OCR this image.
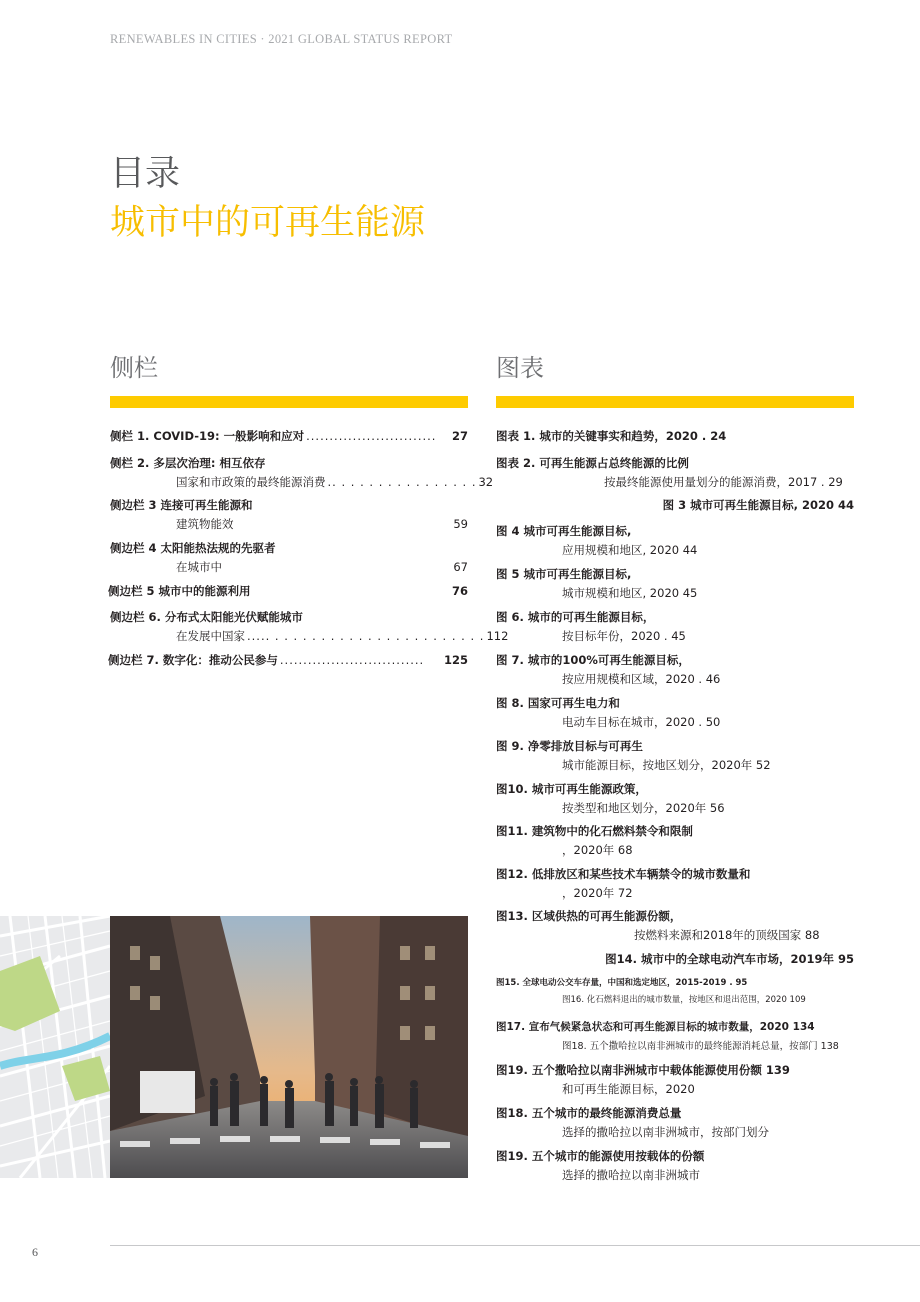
RENEWABLES IN CITIES · 2021 GLOBAL STATUS REPORT
目录
城市中的可再生能源
侧栏
侧栏 1. COVID-19: 一般影响和应对 ............................	27
侧栏 2. 多层次治理: 相互依存
国家和市政策的最终能源消费 .. . . . . . . . . . . . . . . . 32
侧边栏 3 连接可再生能源和
建筑物能效	59
侧边栏 4 太阳能热法规的先驱者
在城市中	67
侧边栏 5 城市中的能源利用	76
侧边栏 6. 分布式太阳能光伏赋能城市
在发展中国家 ..... . . . . . . . . . . . . . . . . . . . . . . . 112
侧边栏 7. 数字化：推动公民参与 ...............................	125
图表
图表 1. 城市的关键事实和趋势，2020 . 24
图表 2. 可再生能源占总终能源的比例
按最终能源使用量划分的能源消费，2017 . 29
图 3 城市可再生能源目标, 2020 44
图 4 城市可再生能源目标,
应用规模和地区, 2020 44
图 5 城市可再生能源目标,
城市规模和地区, 2020 45
图 6. 城市的可再生能源目标，
按目标年份，2020 . 45
图 7. 城市的100%可再生能源目标，
按应用规模和区域，2020 . 46
图 8. 国家可再生电力和
电动车目标在城市，2020 . 50
图 9. 净零排放目标与可再生
城市能源目标，按地区划分，2020年 52
图10. 城市可再生能源政策，
按类型和地区划分，2020年 56
图11. 建筑物中的化石燃料禁令和限制
，2020年 68
图12. 低排放区和某些技术车辆禁令的城市数量和
，2020年 72
图13. 区域供热的可再生能源份额，
按燃料来源和2018年的顶级国家 88
图14. 城市中的全球电动汽车市场，2019年 95
图15. 全球电动公交车存量，中国和选定地区，2015-2019 . 95
图16. 化石燃料退出的城市数量，按地区和退出范围，2020 109
图17. 宣布气候紧急状态和可再生能源目标的城市数量，2020 134
图18. 五个撒哈拉以南非洲城市的最终能源消耗总量，按部门 138
图19. 五个撒哈拉以南非洲城市中载体能源使用份额 139
和可再生能源目标，2020
图18. 五个城市的最终能源消费总量
选择的撒哈拉以南非洲城市，按部门划分
图19. 五个城市的能源使用按载体的份额
选择的撒哈拉以南非洲城市
6
